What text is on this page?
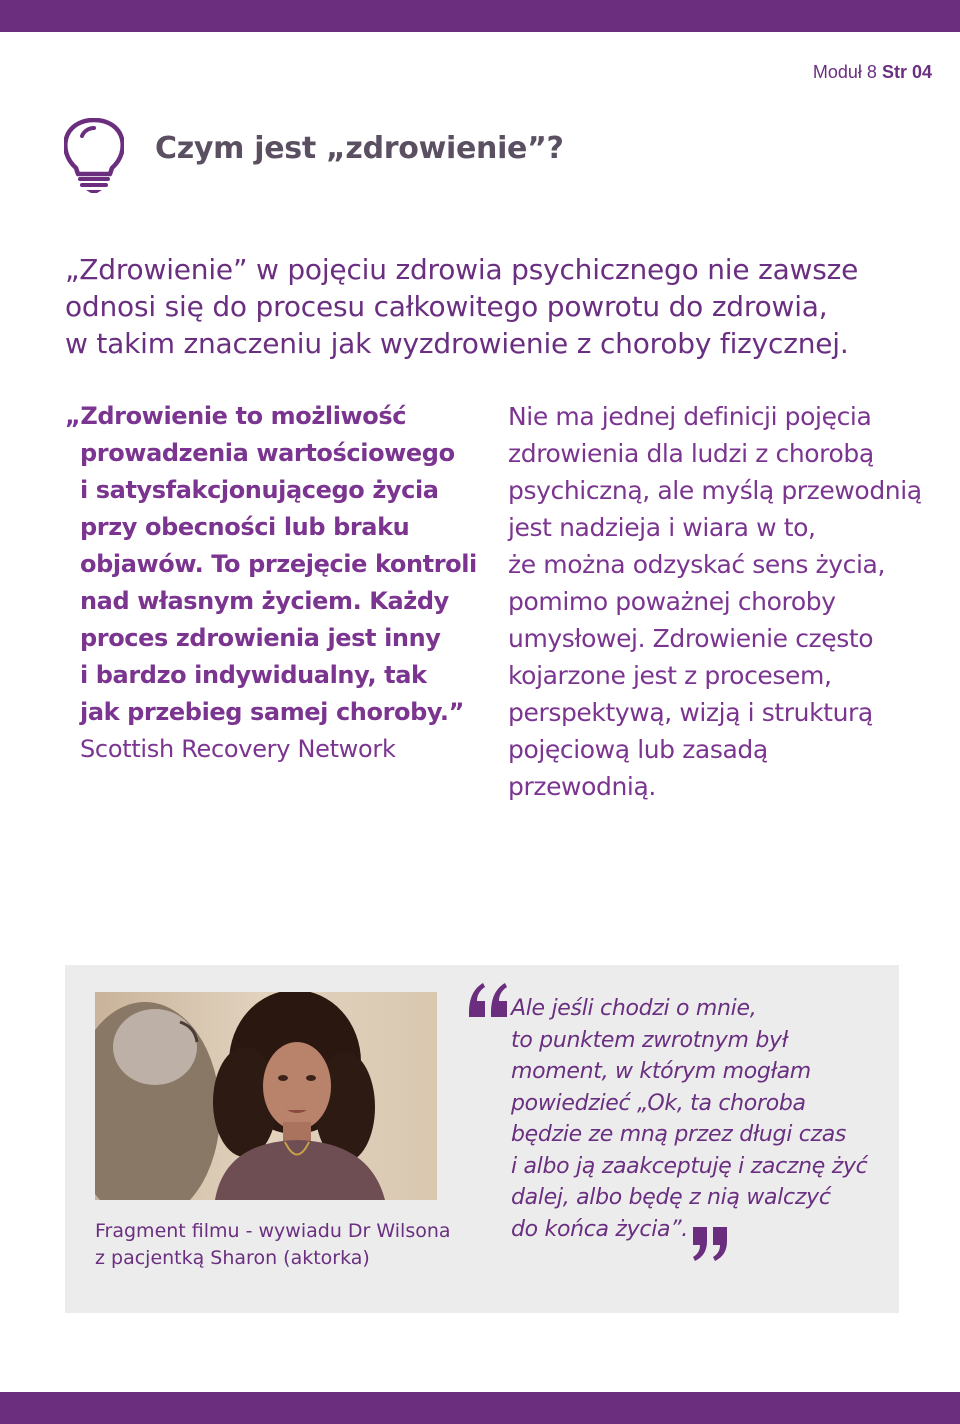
Moduł 8 Str 04
Czym jest „zdrowienie”?

„Zdrowienie” w pojęciu zdrowia psychicznego nie zawsze
odnosi się do procesu całkowitego powrotu do zdrowia,
w takim znaczeniu jak wyzdrowienie z choroby fizycznej.

„Zdrowienie to możliwość
prowadzenia wartościowego
i satysfakcjonującego życia
przy obecności lub braku
objawów. To przejęcie kontroli
nad własnym życiem. Każdy
proces zdrowienia jest inny
i bardzo indywidualny, tak
jak przebieg samej choroby.”

Scottish Recovery Network

Nie ma jednej definicji pojęcia
zdrowienia dla ludzi z chorobą
psychiczną, ale myślą przewodnią
jest nadzieja i wiara w to,
że można odzyskać sens życia,
pomimo poważnej choroby
umysłowej. Zdrowienie często
kojarzone jest z procesem,
perspektywą, wizją i strukturą
pojęciową lub zasadą
przewodnią.

Fragment filmu - wywiadu Dr Wilsona
z pacjentką Sharon (aktorka)

Ale jeśli chodzi o mnie,
to punktem zwrotnym był
moment, w którym mogłam
powiedzieć „Ok, ta choroba
będzie ze mną przez długi czas
i albo ją zaakceptuję i zacznę żyć
dalej, albo będę z nią walczyć
do końca życia”.
